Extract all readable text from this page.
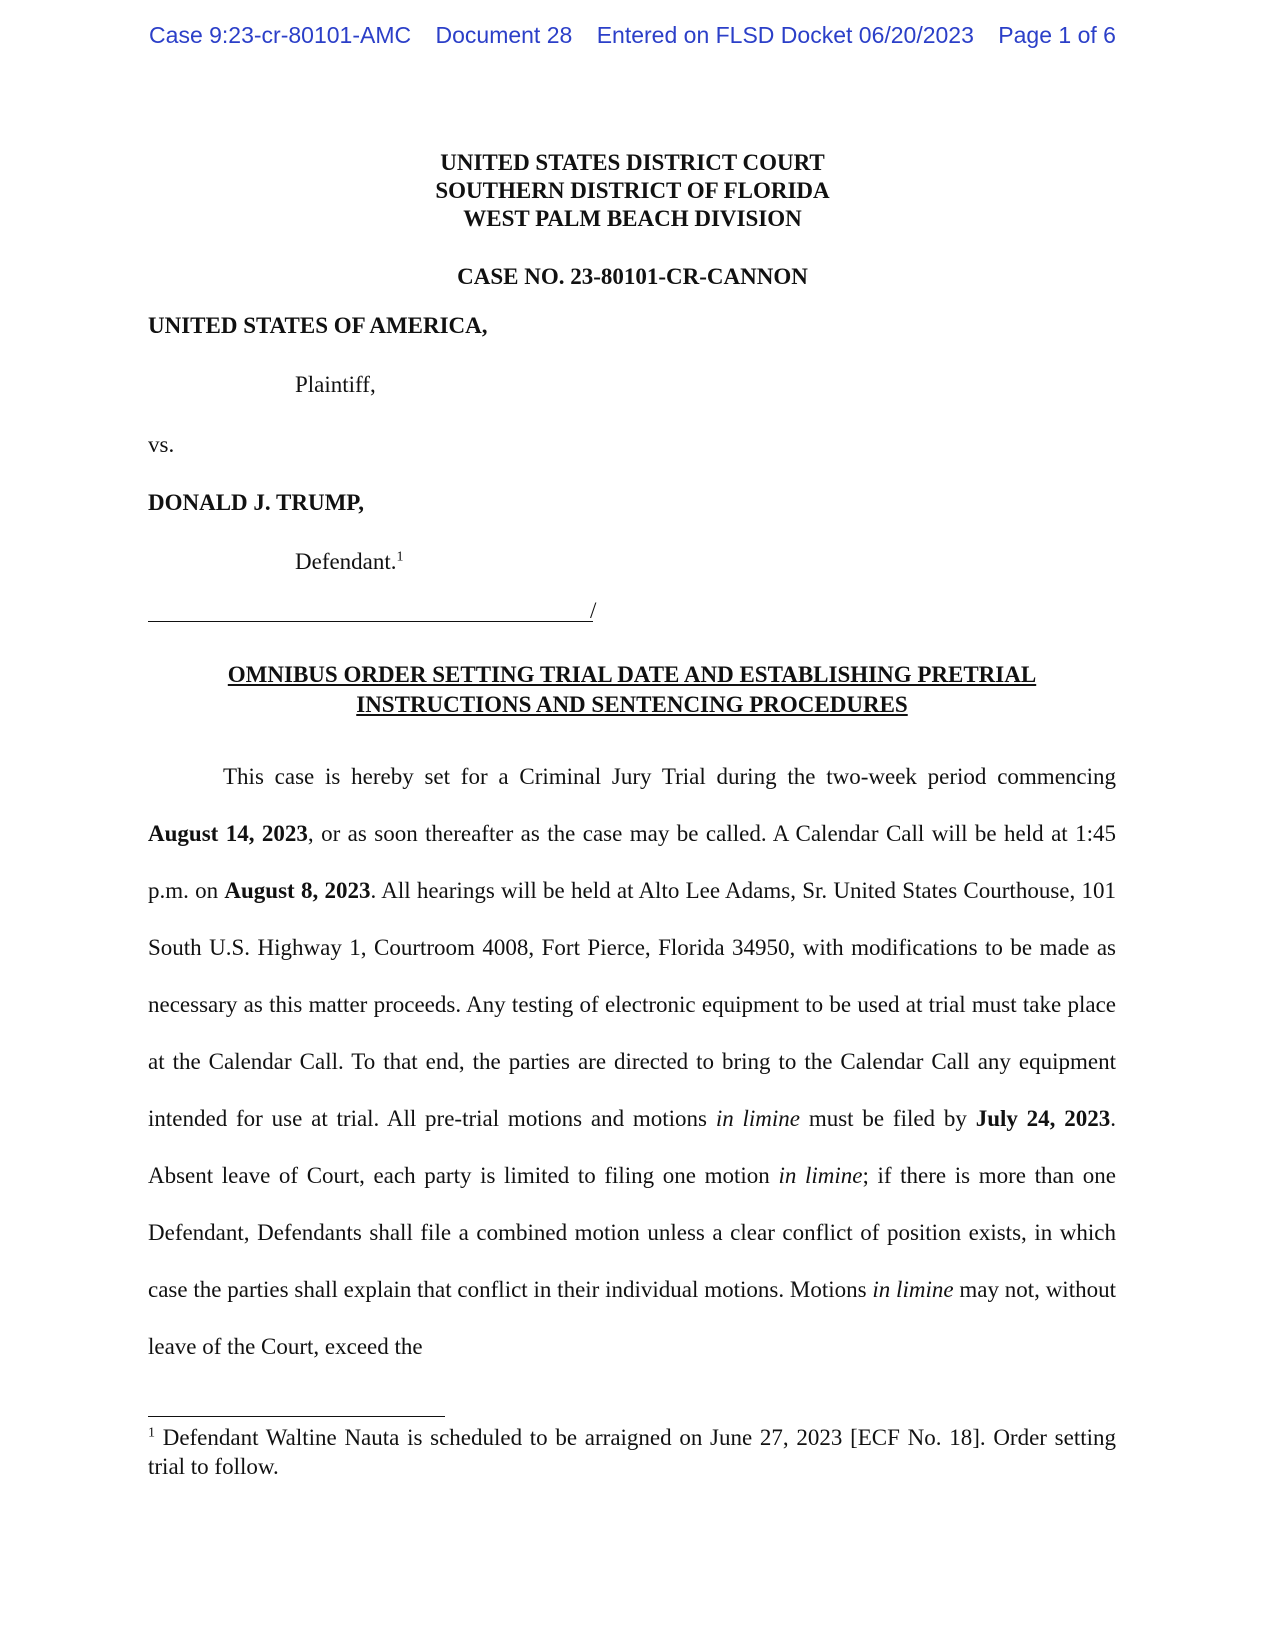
Case 9:23-cr-80101-AMC Document 28 Entered on FLSD Docket 06/20/2023 Page 1 of 6
UNITED STATES DISTRICT COURT
SOUTHERN DISTRICT OF FLORIDA
WEST PALM BEACH DIVISION
CASE NO. 23-80101-CR-CANNON
UNITED STATES OF AMERICA,
Plaintiff,
vs.
DONALD J. TRUMP,
Defendant.$^1$
/
OMNIBUS ORDER SETTING TRIAL DATE AND ESTABLISHING PRETRIAL
INSTRUCTIONS AND SENTENCING PROCEDURES

This case is hereby set for a Criminal Jury Trial during the two-week period commencing August 14, 2023, or as soon thereafter as the case may be called. A Calendar Call will be held at 1:45 p.m. on August 8, 2023. All hearings will be held at Alto Lee Adams, Sr. United States Courthouse, 101 South U.S. Highway 1, Courtroom 4008, Fort Pierce, Florida 34950, with modifications to be made as necessary as this matter proceeds. Any testing of electronic equipment to be used at trial must take place at the Calendar Call. To that end, the parties are directed to bring to the Calendar Call any equipment intended for use at trial. All pre-trial motions and motions in limine must be filed by July 24, 2023. Absent leave of Court, each party is limited to filing one motion in limine; if there is more than one Defendant, Defendants shall file a combined motion unless a clear conflict of position exists, in which case the parties shall explain that conflict in their individual motions. Motions in limine may not, without leave of the Court, exceed the

$^1$ Defendant Waltine Nauta is scheduled to be arraigned on June 27, 2023 [ECF No. 18]. Order setting trial to follow.
